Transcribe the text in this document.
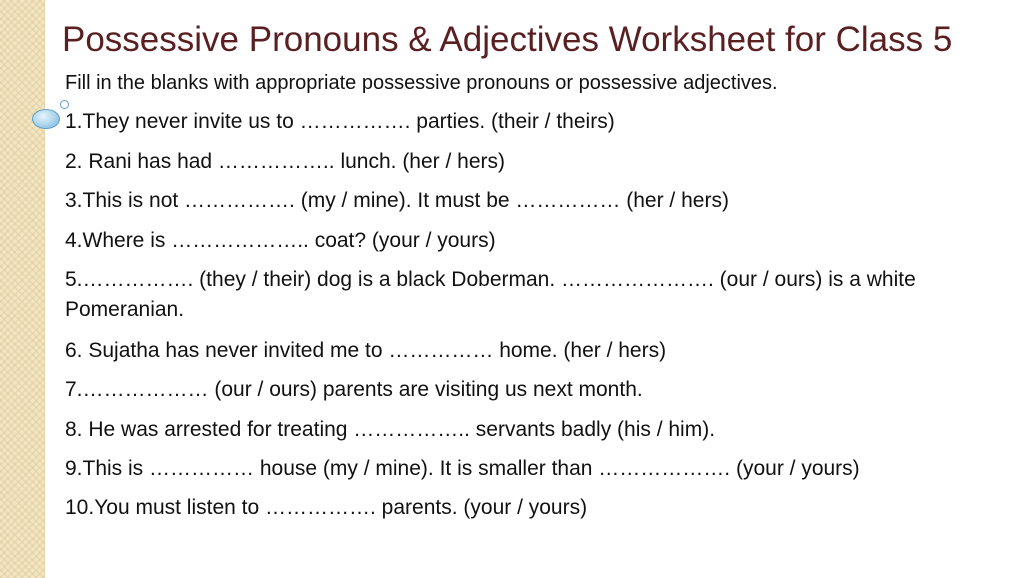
Possessive Pronouns & Adjectives Worksheet for Class 5
Fill in the blanks with appropriate possessive pronouns or possessive adjectives.
1.They never invite us to ……………. parties. (their / theirs)
2. Rani has had …………….. lunch. (her / hers)
3.This is not ……………. (my / mine). It must be …………… (her / hers)
4.Where is ……………….. coat? (your / yours)
5.……………. (they / their) dog is a black Doberman. …………………. (our / ours) is a white Pomeranian.
6. Sujatha has never invited me to …………… home. (her / hers)
7.……………… (our / ours) parents are visiting us next month.
8. He was arrested for treating …………….. servants badly (his / him).
9.This is …………… house (my / mine). It is smaller than ………………. (your / yours)
10.You must listen to ……………. parents. (your / yours)
